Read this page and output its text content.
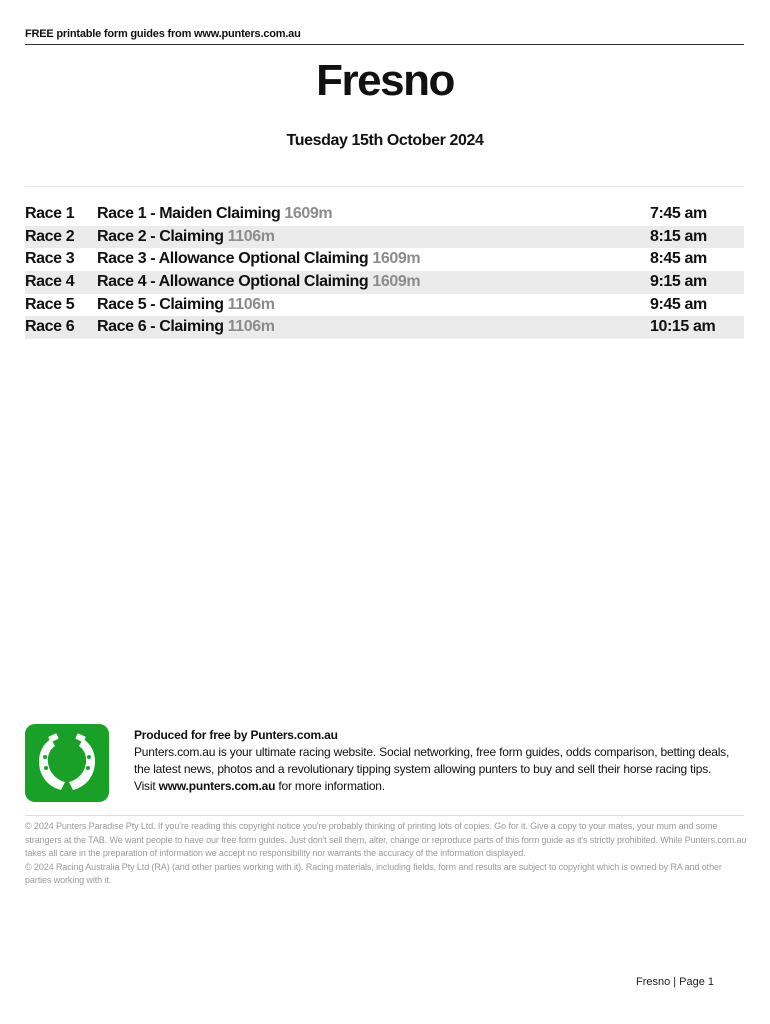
FREE printable form guides from www.punters.com.au
Fresno
Tuesday 15th October 2024
Race 1	Race 1 - Maiden Claiming 1609m	7:45 am
Race 2	Race 2 - Claiming 1106m	8:15 am
Race 3	Race 3 - Allowance Optional Claiming 1609m	8:45 am
Race 4	Race 4 - Allowance Optional Claiming 1609m	9:15 am
Race 5	Race 5 - Claiming 1106m	9:45 am
Race 6	Race 6 - Claiming 1106m	10:15 am
Produced for free by Punters.com.au
Punters.com.au is your ultimate racing website. Social networking, free form guides, odds comparison, betting deals, the latest news, photos and a revolutionary tipping system allowing punters to buy and sell their horse racing tips.
Visit www.punters.com.au for more information.
© 2024 Punters Paradise Pty Ltd. If you're reading this copyright notice you're probably thinking of printing lots of copies. Go for it. Give a copy to your mates, your mum and some strangers at the TAB. We want people to have our free form guides. Just don't sell them, alter, change or reproduce parts of this form guide as it's strictly prohibited. While Punters.com.au takes all care in the preparation of information we accept no responsibility nor warrants the accuracy of the information displayed.
© 2024 Racing Australia Pty Ltd (RA) (and other parties working with it). Racing materials, including fields, form and results are subject to copyright which is owned by RA and other parties working with it.
Fresno | Page 1
